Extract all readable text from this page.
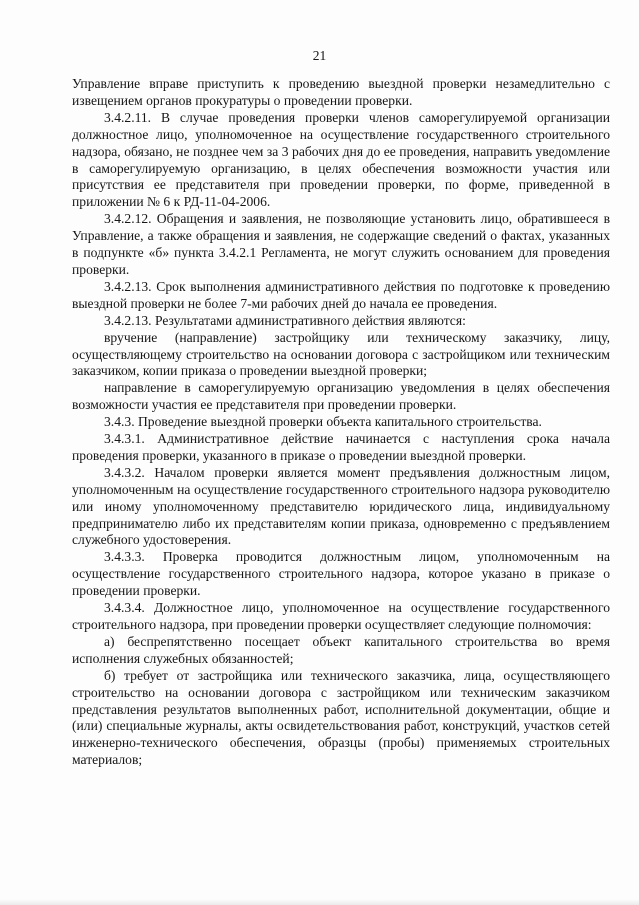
21

Управление вправе приступить к проведению выездной проверки незамедлительно с извещением органов прокуратуры о проведении проверки.

3.4.2.11. В случае проведения проверки членов саморегулируемой организации должностное лицо, уполномоченное на осуществление государственного строительного надзора, обязано, не позднее чем за 3 рабочих дня до ее проведения, направить уведомление в саморегулируемую организацию, в целях обеспечения возможности участия или присутствия ее представителя при проведении проверки, по форме, приведенной в приложении № 6 к РД-11-04-2006.

3.4.2.12. Обращения и заявления, не позволяющие установить лицо, обратившееся в Управление, а также обращения и заявления, не содержащие сведений о фактах, указанных в подпункте «б» пункта 3.4.2.1 Регламента, не могут служить основанием для проведения проверки.

3.4.2.13. Срок выполнения административного действия по подготовке к проведению выездной проверки не более 7-ми рабочих дней до начала ее проведения.

3.4.2.13. Результатами административного действия являются:

вручение (направление) застройщику или техническому заказчику, лицу, осуществляющему строительство на основании договора с застройщиком или техническим заказчиком, копии приказа о проведении выездной проверки;

направление в саморегулируемую организацию уведомления в целях обеспечения возможности участия ее представителя при проведении проверки.

3.4.3. Проведение выездной проверки объекта капитального строительства.

3.4.3.1. Административное действие начинается с наступления срока начала проведения проверки, указанного в приказе о проведении выездной проверки.

3.4.3.2. Началом проверки является момент предъявления должностным лицом, уполномоченным на осуществление государственного строительного надзора руководителю или иному уполномоченному представителю юридического лица, индивидуальному предпринимателю либо их представителям копии приказа, одновременно с предъявлением служебного удостоверения.

3.4.3.3. Проверка проводится должностным лицом, уполномоченным на осуществление государственного строительного надзора, которое указано в приказе о проведении проверки.

3.4.3.4. Должностное лицо, уполномоченное на осуществление государственного строительного надзора, при проведении проверки осуществляет следующие полномочия:

а) беспрепятственно посещает объект капитального строительства во время исполнения служебных обязанностей;

б) требует от застройщика или технического заказчика, лица, осуществляющего строительство на основании договора с застройщиком или техническим заказчиком представления результатов выполненных работ, исполнительной документации, общие и (или) специальные журналы, акты освидетельствования работ, конструкций, участков сетей инженерно-технического обеспечения, образцы (пробы) применяемых строительных материалов;
